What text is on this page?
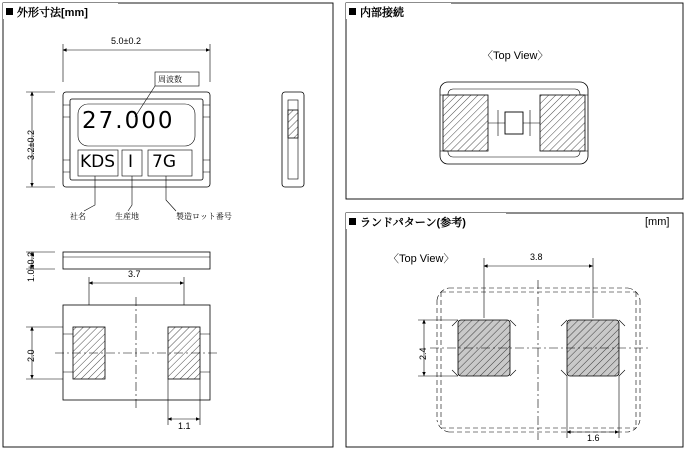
外形寸法[mm]	内部接続
ランドパターン(参考)	[mm]
〈Top View〉
〈Top View〉
5.0±0.2
3.2±0.2
1.0±0.2
27.000
KDS I 7G
周波数
社名	生産地	製造ロット番号
3.7
2.0
1.1
3.8
2.4
1.6
